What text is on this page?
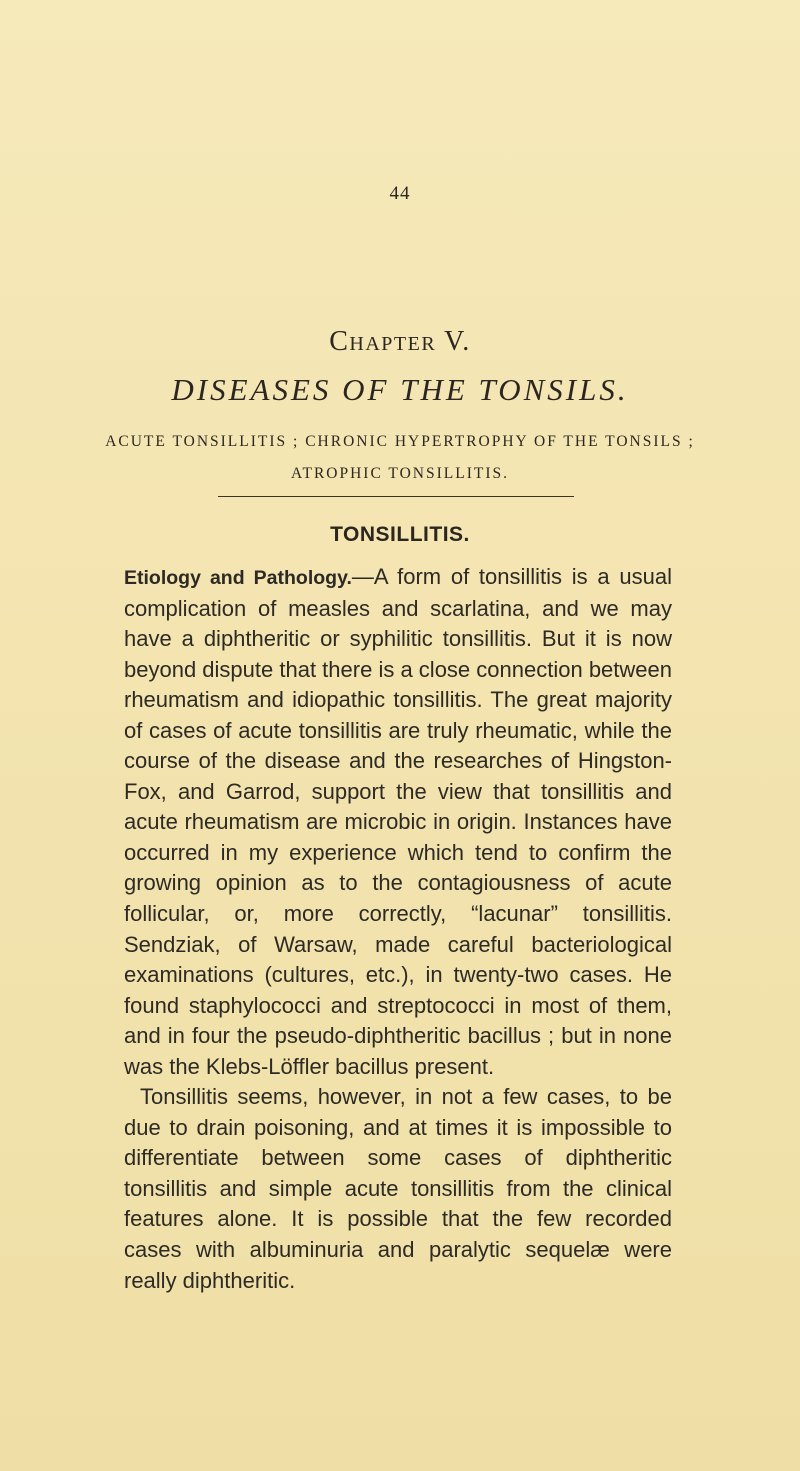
44
Chapter V.
DISEASES OF THE TONSILS.
ACUTE TONSILLITIS ; CHRONIC HYPERTROPHY OF THE TONSILS ;
ATROPHIC TONSILLITIS.
TONSILLITIS.

Etiology and Pathology.—A form of tonsillitis is a usual complication of measles and scarlatina, and we may have a diphtheritic or syphilitic tonsillitis. But it is now beyond dispute that there is a close connection between rheumatism and idiopathic tonsillitis. The great majority of cases of acute tonsillitis are truly rheumatic, while the course of the disease and the researches of Hingston-Fox, and Garrod, support the view that tonsillitis and acute rheumatism are microbic in origin. Instances have occurred in my experience which tend to confirm the growing opinion as to the contagiousness of acute follicular, or, more correctly, “lacunar” tonsillitis. Sendziak, of Warsaw, made careful bacteriological examinations (cultures, etc.), in twenty-two cases. He found staphylococci and streptococci in most of them, and in four the pseudo-diphtheritic bacillus ; but in none was the Klebs-Löffler bacillus present.

Tonsillitis seems, however, in not a few cases, to be due to drain poisoning, and at times it is impossible to differentiate between some cases of diphtheritic tonsillitis and simple acute tonsillitis from the clinical features alone. It is possible that the few recorded cases with albuminuria and paralytic sequelæ were really diphtheritic.
